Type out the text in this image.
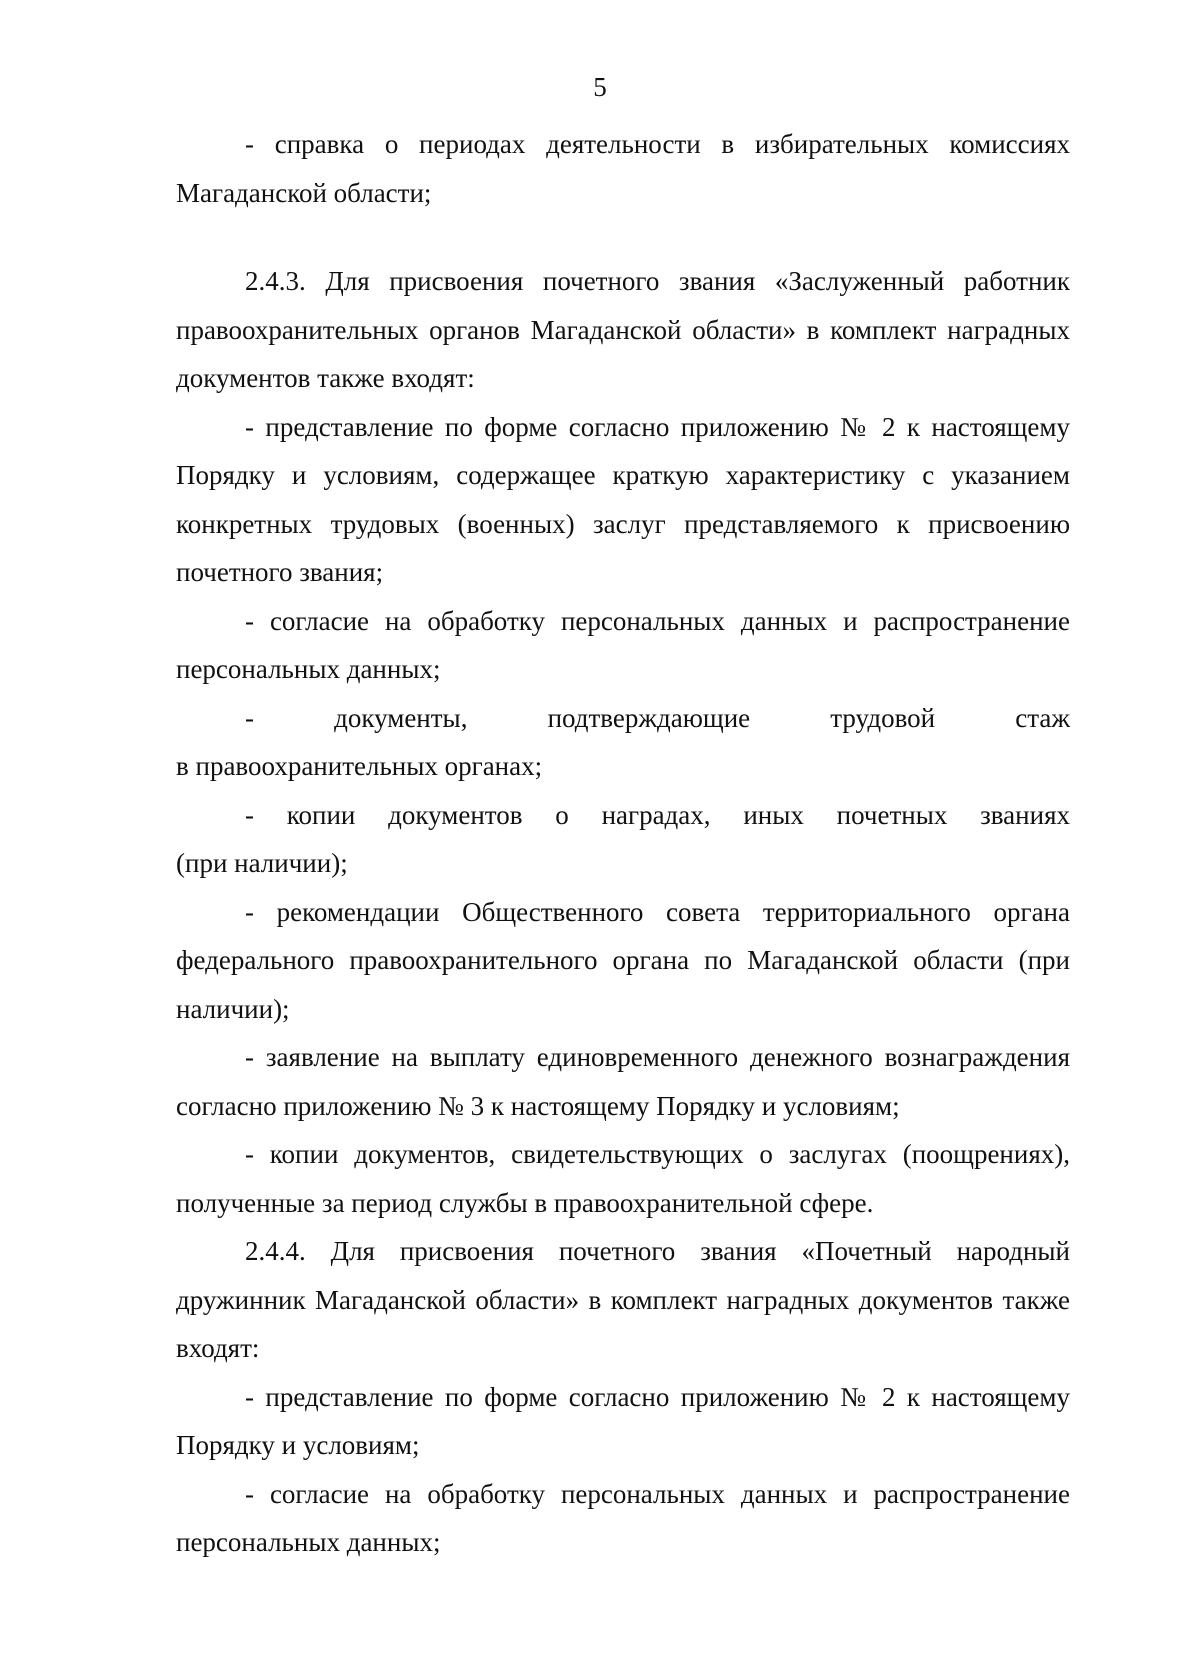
5

- справка о периодах деятельности в избирательных комиссиях Магаданской области;

2.4.3. Для присвоения почетного звания «Заслуженный работник правоохранительных органов Магаданской области» в комплект наградных документов также входят:

- представление по форме согласно приложению № 2 к настоящему Порядку и условиям, содержащее краткую характеристику с указанием конкретных трудовых (военных) заслуг представляемого к присвоению почетного звания;

- согласие на обработку персональных данных и распространение персональных данных;

-	документы,	подтверждающие	трудовой	стаж
в правоохранительных органах;
- копии документов о наградах, иных почетных званиях
(при наличии);

- рекомендации Общественного совета территориального органа федерального правоохранительного органа по Магаданской области (при наличии);

- заявление на выплату единовременного денежного вознаграждения согласно приложению № 3 к настоящему Порядку и условиям;

- копии документов, свидетельствующих о заслугах (поощрениях), полученные за период службы в правоохранительной сфере.

2.4.4. Для присвоения почетного звания «Почетный народный дружинник Магаданской области» в комплект наградных документов также входят:

- представление по форме согласно приложению № 2 к настоящему Порядку и условиям;

- согласие на обработку персональных данных и распространение персональных данных;
